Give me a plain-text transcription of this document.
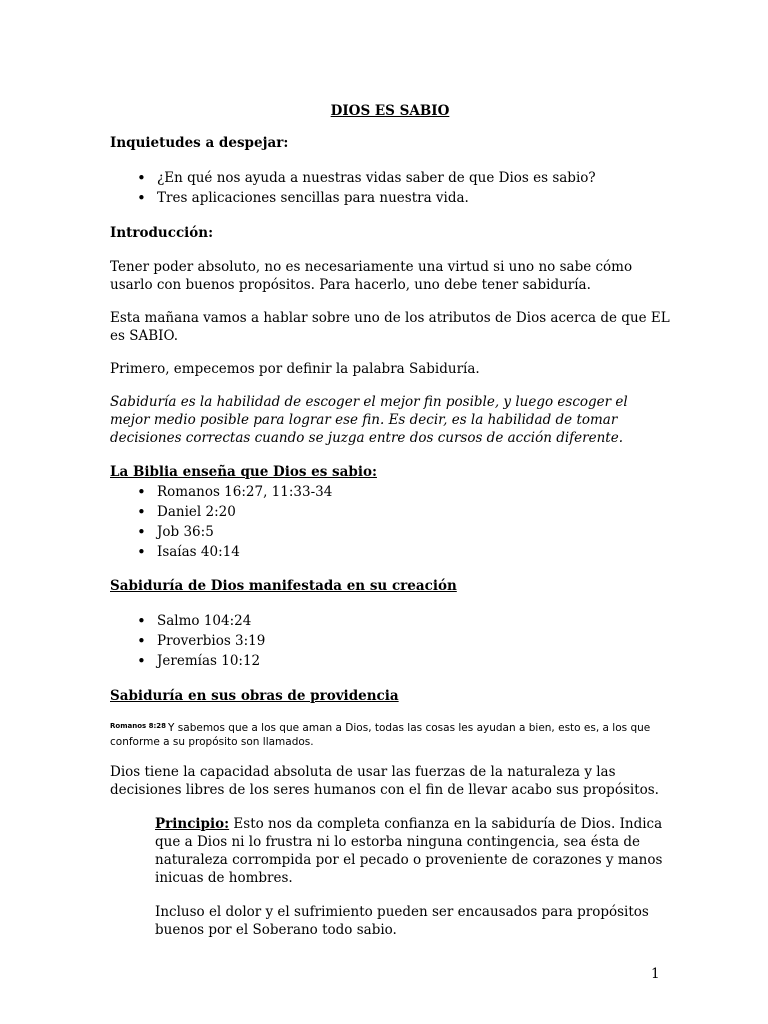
DIOS ES SABIO

Inquietudes a despejar:

• ¿En qué nos ayuda a nuestras vidas saber de que Dios es sabio?
• Tres aplicaciones sencillas para nuestra vida.

Introducción:

Tener poder absoluto, no es necesariamente una virtud si uno no sabe cómo usarlo con buenos propósitos. Para hacerlo, uno debe tener sabiduría.

Esta mañana vamos a hablar sobre uno de los atributos de Dios acerca de que EL es SABIO.

Primero, empecemos por definir la palabra Sabiduría.

Sabiduría es la habilidad de escoger el mejor fin posible, y luego escoger el mejor medio posible para lograr ese fin. Es decir, es la habilidad de tomar decisiones correctas cuando se juzga entre dos cursos de acción diferente.

La Biblia enseña que Dios es sabio:

• Romanos 16:27, 11:33-34
• Daniel 2:20
• Job 36:5
• Isaías 40:14

Sabiduría de Dios manifestada en su creación

• Salmo 104:24
• Proverbios 3:19
• Jeremías 10:12

Sabiduría en sus obras de providencia

$^{Romanos 8:28}$ Y sabemos que a los que aman a Dios, todas las cosas les ayudan a bien, esto es, a los que conforme a su propósito son llamados.

Dios tiene la capacidad absoluta de usar las fuerzas de la naturaleza y las decisiones libres de los seres humanos con el fin de llevar acabo sus propósitos.

Principio: Esto nos da completa confianza en la sabiduría de Dios. Indica que a Dios ni lo frustra ni lo estorba ninguna contingencia, sea ésta de naturaleza corrompida por el pecado o proveniente de corazones y manos inicuas de hombres.

Incluso el dolor y el sufrimiento pueden ser encausados para propósitos buenos por el Soberano todo sabio.

1
